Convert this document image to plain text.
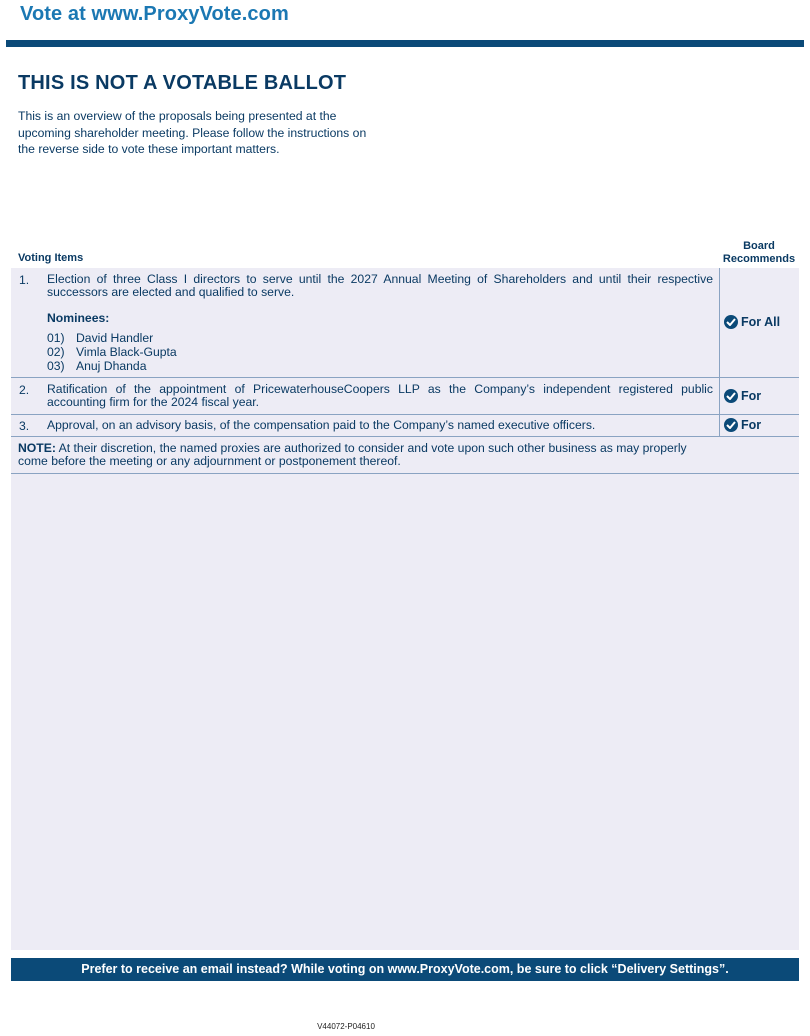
Vote at www.ProxyVote.com
THIS IS NOT A VOTABLE BALLOT
This is an overview of the proposals being presented at the
upcoming shareholder meeting. Please follow the instructions on
the reverse side to vote these important matters.
Voting Items
Board
Recommends
1. Election of three Class I directors to serve until the 2027 Annual Meeting of Shareholders and until their respective successors are elected and qualified to serve.
Nominees:
01) David Handler
02) Vimla Black-Gupta
03) Anuj Dhanda
For All
2. Ratification of the appointment of PricewaterhouseCoopers LLP as the Company’s independent registered public accounting firm for the 2024 fiscal year.	For
3. Approval, on an advisory basis, of the compensation paid to the Company’s named executive officers.	For
NOTE: At their discretion, the named proxies are authorized to consider and vote upon such other business as may properly come before the meeting or any adjournment or postponement thereof.
Prefer to receive an email instead? While voting on www.ProxyVote.com, be sure to click “Delivery Settings”.
V44072-P04610
